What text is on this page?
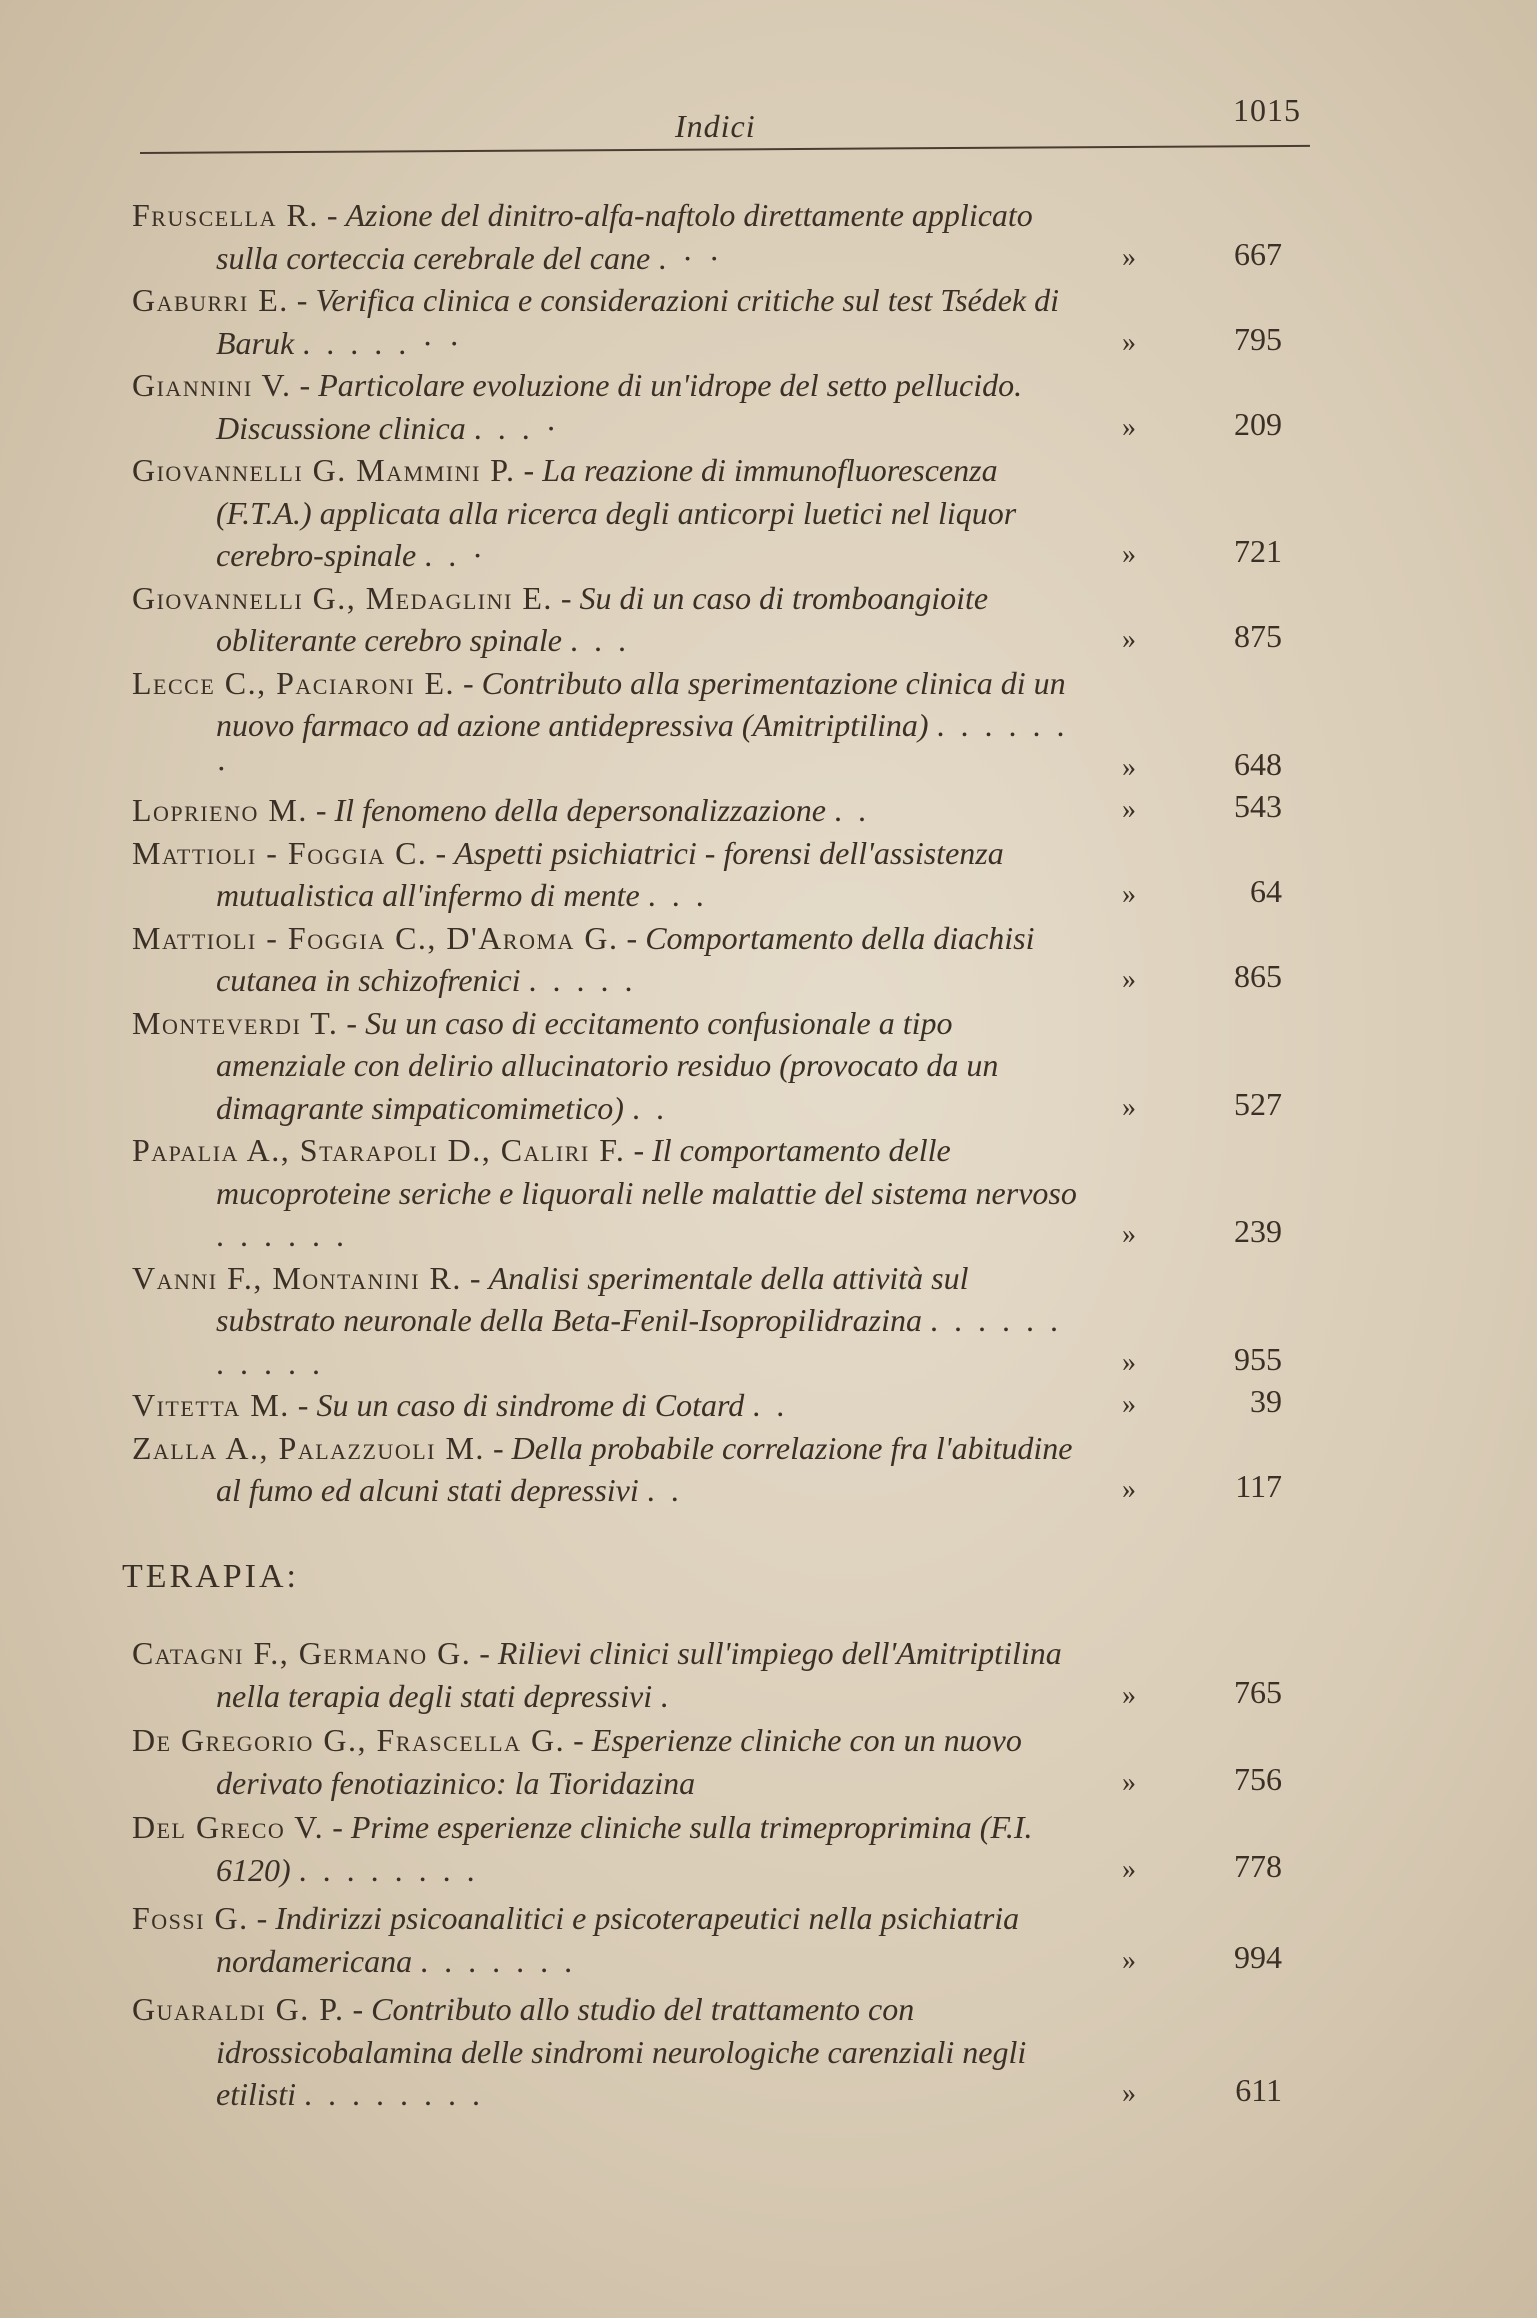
Indici	1015
Fruscella R. - Azione del dinitro-alfa-naftolo direttamente applicato sulla corteccia cerebrale del cane . · ·	»	667
Gaburri E. - Verifica clinica e considerazioni critiche sul test Tsédek di Baruk . . . . . · ·	»	795
Giannini V. - Particolare evoluzione di un'idrope del setto pellucido. Discussione clinica . . . ·	»	209
Giovannelli G. Mammini P. - La reazione di immunofluorescenza (F.T.A.) applicata alla ricerca degli anticorpi luetici nel liquor cerebro-spinale . . ·	»	721
Giovannelli G., Medaglini E. - Su di un caso di tromboangioite obliterante cerebro spinale . . .	»	875
Lecce C., Paciaroni E. - Contributo alla sperimentazione clinica di un nuovo farmaco ad azione antidepressiva (Amitriptilina) . . . . . . ·	»	648
Loprieno M. - Il fenomeno della depersonalizzazione . .	»	543
Mattioli - Foggia C. - Aspetti psichiatrici - forensi dell'assistenza mutualistica all'infermo di mente . . .	»	64
Mattioli - Foggia C., D'Aroma G. - Comportamento della diachisi cutanea in schizofrenici . . . . .	»	865
Monteverdi T. - Su un caso di eccitamento confusionale a tipo amenziale con delirio allucinatorio residuo (provocato da un dimagrante simpaticomimetico) . .	»	527
Papalia A., Starapoli D., Caliri F. - Il comportamento delle mucoproteine seriche e liquorali nelle malattie del sistema nervoso . . . . . .	»	239
Vanni F., Montanini R. - Analisi sperimentale della attività sul substrato neuronale della Beta-Fenil-Isopropilidrazina . . . . . . . . . . .	»	955
Vitetta M. - Su un caso di sindrome di Cotard . .	»	39
Zalla A., Palazzuoli M. - Della probabile correlazione fra l'abitudine al fumo ed alcuni stati depressivi . .	»	117
TERAPIA:
Catagni F., Germano G. - Rilievi clinici sull'impiego dell'Amitriptilina nella terapia degli stati depressivi .	»	765
De Gregorio G., Frascella G. - Esperienze cliniche con un nuovo derivato fenotiazinico: la Tioridazina	»	756
Del Greco V. - Prime esperienze cliniche sulla trimeproprimina (F.I. 6120) . . . . . . . .	»	778
Fossi G. - Indirizzi psicoanalitici e psicoterapeutici nella psichiatria nordamericana . . . . . . .	»	994
Guaraldi G. P. - Contributo allo studio del trattamento con idrossicobalamina delle sindromi neurologiche carenziali negli etilisti . . . . . . . .	»	611
